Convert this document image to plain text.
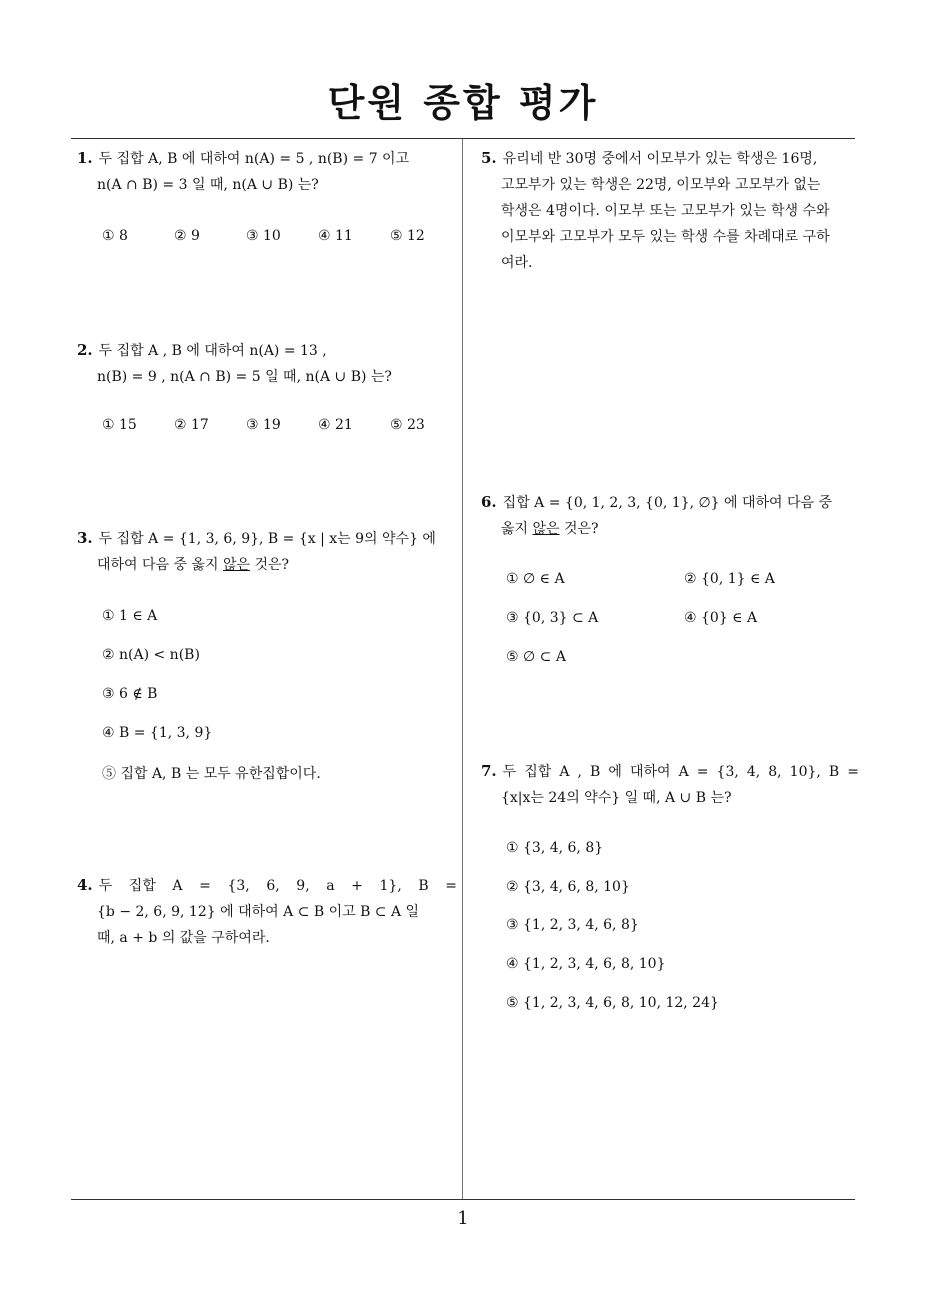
단원 종합 평가
1
1. 두 집합 A, B 에 대하여 n(A) = 5 , n(B) = 7 이고
n(A ∩ B) = 3 일 때, n(A ∪ B) 는?
① 8	② 9	③ 10	④ 11	⑤ 12
2. 두 집합 A , B 에 대하여 n(A) = 13 ,
n(B) = 9 , n(A ∩ B) = 5 일 때, n(A ∪ B) 는?
① 15	② 17	③ 19	④ 21	⑤ 23
3. 두 집합 A = {1, 3, 6, 9}, B = {x | x는 9의 약수} 에
대하여 다음 중 옳지 않은 것은?
① 1 ∈ A
② n(A) < n(B)
③ 6 ∉ B
④ B = {1, 3, 9}
⑤ 집합 A, B 는 모두 유한집합이다.
4. 두 집합 A = {3, 6, 9, a + 1}, B =
{b − 2, 6, 9, 12} 에 대하여 A ⊂ B 이고 B ⊂ A 일
때, a + b 의 값을 구하여라.
5. 유리네 반 30명 중에서 이모부가 있는 학생은 16명,
고모부가 있는 학생은 22명, 이모부와 고모부가 없는
학생은 4명이다. 이모부 또는 고모부가 있는 학생 수와
이모부와 고모부가 모두 있는 학생 수를 차례대로 구하
여라.
6. 집합 A = {0, 1, 2, 3, {0, 1}, ∅} 에 대하여 다음 중
옳지 않은 것은?
① ∅ ∈ A	② {0, 1} ∈ A
③ {0, 3} ⊂ A	④ {0} ∈ A
⑤ ∅ ⊂ A
7. 두 집합 A , B 에 대하여 A = {3, 4, 8, 10}, B =
{x|x는 24의 약수} 일 때, A ∪ B 는?
① {3, 4, 6, 8}
② {3, 4, 6, 8, 10}
③ {1, 2, 3, 4, 6, 8}
④ {1, 2, 3, 4, 6, 8, 10}
⑤ {1, 2, 3, 4, 6, 8, 10, 12, 24}
